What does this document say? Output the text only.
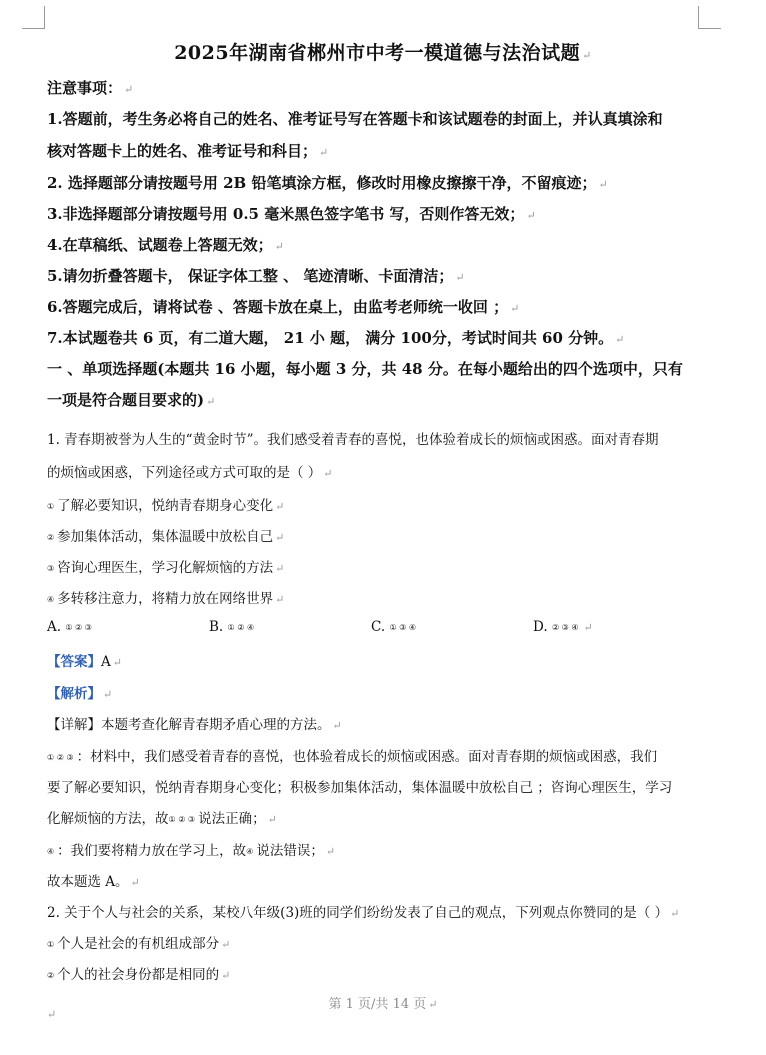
2025年湖南省郴州市中考一模道德与法治试题 ↵
注意事项： ↵
1.答题前，考生务必将自己的姓名、准考证号写在答题卡和该试题卷的封面上，并认真填涂和
核对答题卡上的姓名、准考证号和科目； ↵
2. 选择题部分请按题号用 2B 铅笔填涂方框，修改时用橡皮擦擦干净，不留痕迹； ↵
3.非选择题部分请按题号用 0.5 毫米黑色签字笔书 写，否则作答无效； ↵
4.在草稿纸、试题卷上答题无效； ↵
5.请勿折叠答题卡， 保证字体工整 、 笔迹清晰、卡面清洁； ↵
6.答题完成后，请将试卷 、答题卡放在桌上，由监考老师统一收回 ； ↵
7.本试题卷共 6 页，有二道大题， 21 小 题， 满分 100分，考试时间共 60 分钟。 ↵
一 、单项选择题(本题共 16 小题，每小题 3 分，共 48 分。在每小题给出的四个选项中，只有
一项是符合题目要求的) ↵
1. 青春期被誉为人生的“黄金时节”。我们感受着青春的喜悦，也体验着成长的烦恼或困惑。面对青春期
的烦恼或困惑，下列途径或方式可取的是（ ） ↵
① 了解必要知识，悦纳青春期身心变化 ↵
② 参加集体活动，集体温暖中放松自己 ↵
③ 咨询心理医生，学习化解烦恼的方法 ↵
④ 多转移注意力，将精力放在网络世界 ↵
A. ① ② ③	B. ① ② ④	C. ① ③ ④	D. ② ③ ④ ↵
【答案】A ↵
【解析】 ↵
【详解】本题考查化解青春期矛盾心理的方法。 ↵
① ② ③ ：材料中，我们感受着青春的喜悦，也体验着成长的烦恼或困惑。面对青春期的烦恼或困惑，我们
要了解必要知识，悦纳青春期身心变化；积极参加集体活动，集体温暖中放松自己 ；咨询心理医生，学习
化解烦恼的方法，故① ② ③ 说法正确； ↵
④ ：我们要将精力放在学习上，故④ 说法错误； ↵
故本题选 A。 ↵
2. 关于个人与社会的关系，某校八年级(3)班的同学们纷纷发表了自己的观点，下列观点你赞同的是（ ） ↵
① 个人是社会的有机组成部分 ↵
② 个人的社会身份都是相同的 ↵
第 1 页/共 14 页 ↵
↵
